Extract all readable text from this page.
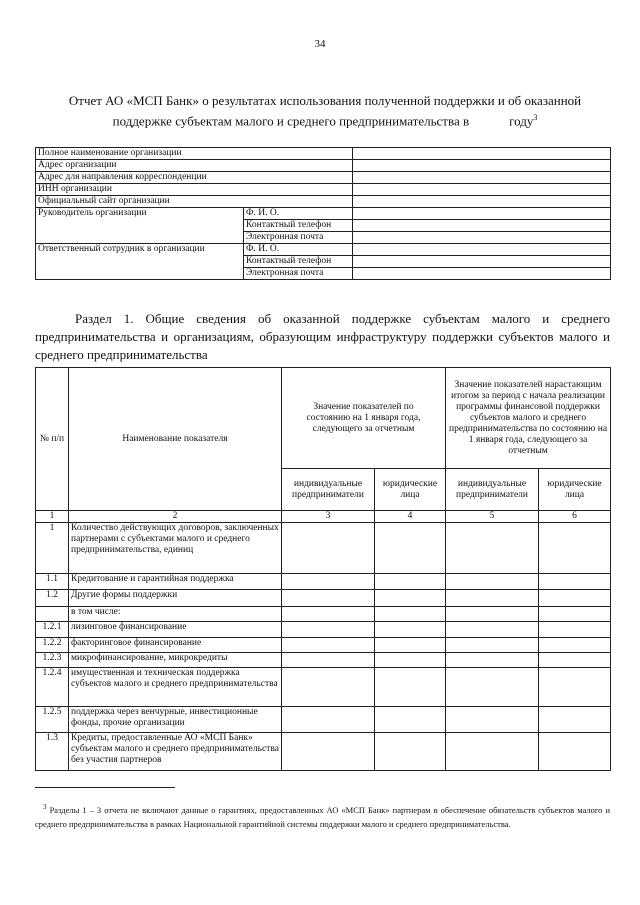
34
Отчет АО «МСП Банк» о результатах использования полученной поддержки и об оказанной
поддержке субъектам малого и среднего предпринимательства в	году$^3$
Полное наименование организации		
Адрес организации		
Адрес для направления корреспонденции		
ИНН организации		
Официальный сайт организации		
Руководитель организации	Ф. И. О.	
	Контактный телефон	
	Электронная почта	
Ответственный сотрудник в организации	Ф. И. О.	
	Контактный телефон	
	Электронная почта	
Раздел 1. Общие сведения об оказанной поддержке субъектам малого и среднего предпринимательства и организациям, образующим инфраструктуру поддержки субъектов малого и среднего предпринимательства
№ п/п	Наименование показателя	Значение показателей по состоянию на 1 января года, следующего за отчетным		Значение показателей нарастающим итогом за период с начала реализации программы финансовой поддержки субъектов малого и среднего предпринимательства по состоянию на 1 января года, следующего за отчетным	
		индивидуальные предприниматели	юридические лица	индивидуальные предприниматели	юридические лица
1	2	3	4	5	6
1	Количество действующих договоров, заключенных партнерами с субъектами малого и среднего предпринимательства, единиц				
1.1	Кредитование и гарантийная поддержка				
1.2	Другие формы поддержки				
	в том числе:				
1.2.1	лизинговое финансирование				
1.2.2	факторинговое финансирование				
1.2.3	микрофинансирование, микрокредиты				
1.2.4	имущественная и техническая поддержка субъектов малого и среднего предпринимательства				
1.2.5	поддержка через венчурные, инвестиционные фонды, прочие организации				
1.3	Кредиты, предоставленные АО «МСП Банк» субъектам малого и среднего предпринимательства без участия партнеров				
$^3$ Разделы 1 – 3 отчета не включают данные о гарантиях, предоставленных АО «МСП Банк» партнерам в обеспечение обязательств субъектов малого и среднего предпринимательства в рамках Национальной гарантийной системы поддержки малого и среднего предпринимательства.
